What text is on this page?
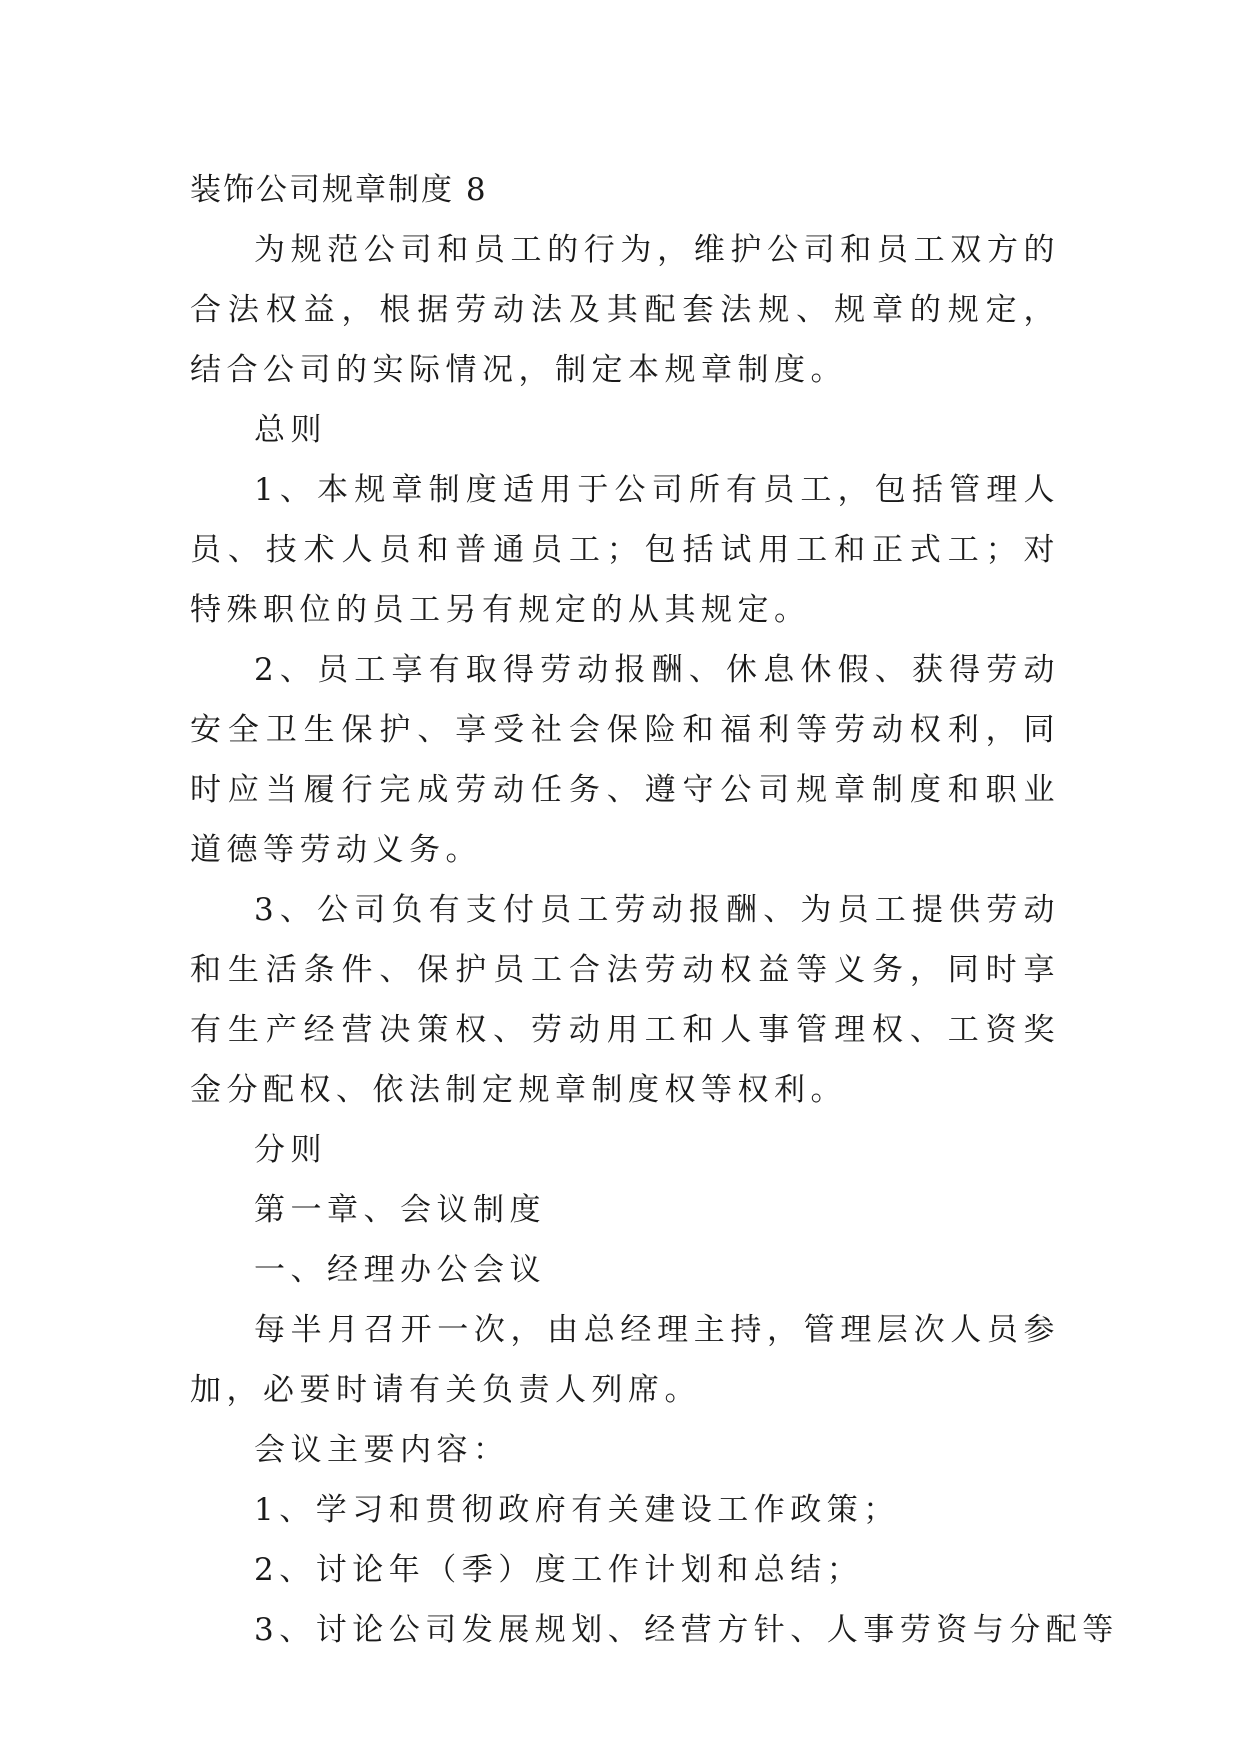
装饰公司规章制度 8

为规范公司和员工的行为，维护公司和员工双方的合法权益，根据劳动法及其配套法规、规章的规定，结合公司的实际情况，制定本规章制度。

总则

1、本规章制度适用于公司所有员工，包括管理人员、技术人员和普通员工；包括试用工和正式工；对特殊职位的员工另有规定的从其规定。

2、员工享有取得劳动报酬、休息休假、获得劳动安全卫生保护、享受社会保险和福利等劳动权利，同时应当履行完成劳动任务、遵守公司规章制度和职业道德等劳动义务。

3、公司负有支付员工劳动报酬、为员工提供劳动和生活条件、保护员工合法劳动权益等义务，同时享有生产经营决策权、劳动用工和人事管理权、工资奖金分配权、依法制定规章制度权等权利。

分则

第一章、会议制度

一、经理办公会议

每半月召开一次，由总经理主持，管理层次人员参加，必要时请有关负责人列席。

会议主要内容：

1、学习和贯彻政府有关建设工作政策；

2、讨论年（季）度工作计划和总结；

3、讨论公司发展规划、经营方针、人事劳资与分配等
